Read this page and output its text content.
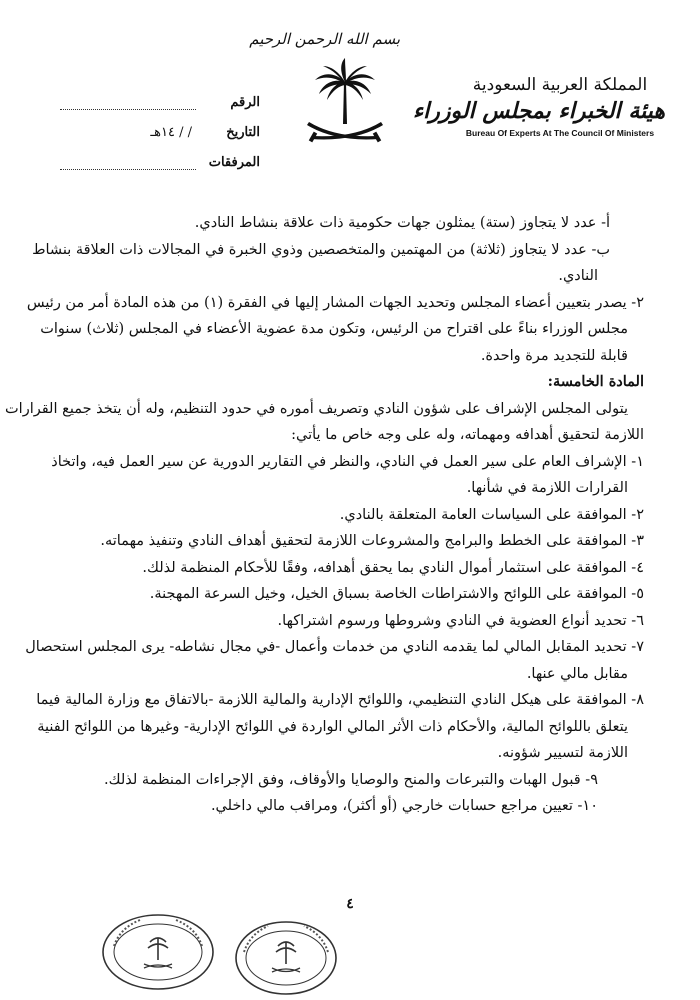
بسم الله الرحمن الرحيم
المملكة العربية السعودية
هيئة الخبراء بمجلس الوزراء
Bureau Of Experts At The Council Of Ministers
الرقم
التاريخ
/ / ١٤هـ
المرفقات
أ- عدد لا يتجاوز (ستة) يمثلون جهات حكومية ذات علاقة بنشاط النادي.
ب- عدد لا يتجاوز (ثلاثة) من المهتمين والمتخصصين وذوي الخبرة في المجالات ذات العلاقة بنشاط
النادي.
٢- يصدر بتعيين أعضاء المجلس وتحديد الجهات المشار إليها في الفقرة (١) من هذه المادة أمر من رئيس
مجلس الوزراء بناءً على اقتراح من الرئيس، وتكون مدة عضوية الأعضاء في المجلس (ثلاث) سنوات
قابلة للتجديد مرة واحدة.
المادة الخامسة:
يتولى المجلس الإشراف على شؤون النادي وتصريف أموره في حدود التنظيم، وله أن يتخذ جميع القرارات
اللازمة لتحقيق أهدافه ومهماته، وله على وجه خاص ما يأتي:
١- الإشراف العام على سير العمل في النادي، والنظر في التقارير الدورية عن سير العمل فيه، واتخاذ
القرارات اللازمة في شأنها.
٢- الموافقة على السياسات العامة المتعلقة بالنادي.
٣- الموافقة على الخطط والبرامج والمشروعات اللازمة لتحقيق أهداف النادي وتنفيذ مهماته.
٤- الموافقة على استثمار أموال النادي بما يحقق أهدافه، وفقًا للأحكام المنظمة لذلك.
٥- الموافقة على اللوائح والاشتراطات الخاصة بسباق الخيل، وخيل السرعة المهجنة.
٦- تحديد أنواع العضوية في النادي وشروطها ورسوم اشتراكها.
٧- تحديد المقابل المالي لما يقدمه النادي من خدمات وأعمال -في مجال نشاطه- يرى المجلس استحصال
مقابل مالي عنها.
٨- الموافقة على هيكل النادي التنظيمي، واللوائح الإدارية والمالية اللازمة -بالاتفاق مع وزارة المالية فيما
يتعلق باللوائح المالية، والأحكام ذات الأثر المالي الواردة في اللوائح الإدارية- وغيرها من اللوائح الفنية
اللازمة لتسيير شؤونه.
٩- قبول الهبات والتبرعات والمنح والوصايا والأوقاف، وفق الإجراءات المنظمة لذلك.
١٠- تعيين مراجع حسابات خارجي (أو أكثر)، ومراقب مالي داخلي.
٤
